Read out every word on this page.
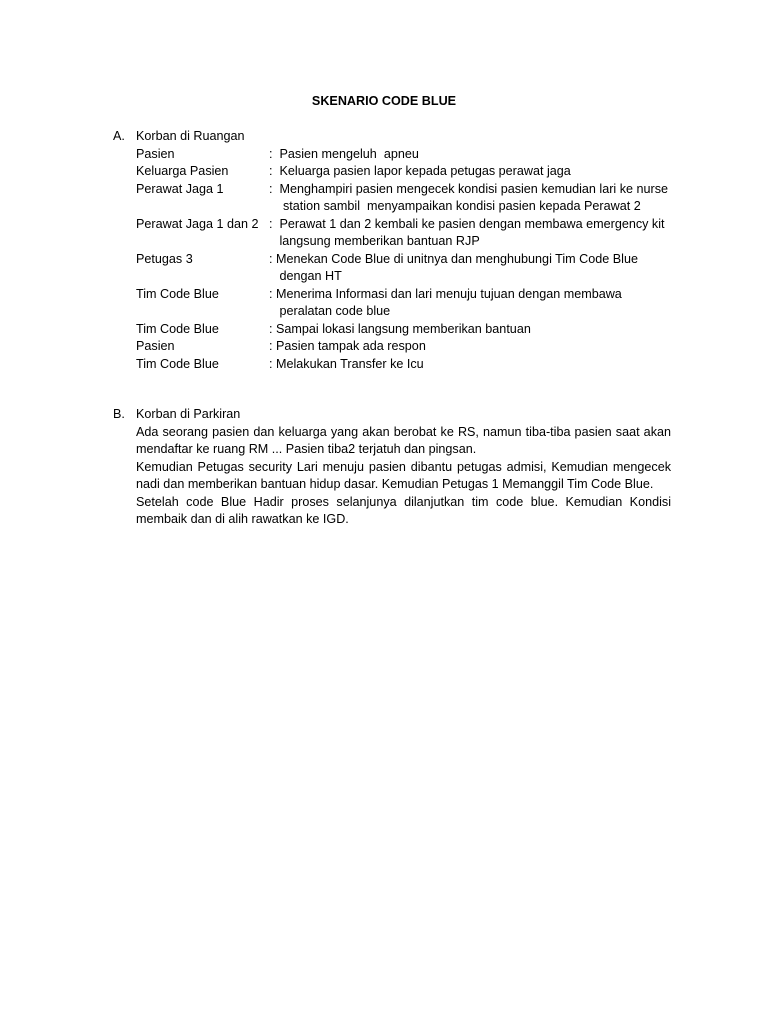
SKENARIO CODE BLUE
A. Korban di Ruangan
Pasien	:  Pasien mengeluh  apneu
Keluarga Pasien	:  Keluarga pasien lapor kepada petugas perawat jaga
Perawat Jaga 1	:  Menghampiri pasien mengecek kondisi pasien kemudian lari ke nurse
station sambil  menyampaikan kondisi pasien kepada Perawat 2
Perawat Jaga 1 dan 2 :  Perawat 1 dan 2 kembali ke pasien dengan membawa emergency kit
langsung memberikan bantuan RJP
Petugas 3	: Menekan Code Blue di unitnya dan menghubungi Tim Code Blue
dengan HT
Tim Code Blue	: Menerima Informasi dan lari menuju tujuan dengan membawa
peralatan code blue
Tim Code Blue	: Sampai lokasi langsung memberikan bantuan
Pasien	: Pasien tampak ada respon
Tim Code Blue	: Melakukan Transfer ke Icu
B. Korban di Parkiran
Ada seorang pasien dan keluarga yang akan berobat ke RS, namun tiba-tiba pasien saat akan mendaftar ke ruang RM ... Pasien tiba2 terjatuh dan pingsan.
Kemudian Petugas security Lari menuju pasien dibantu petugas admisi, Kemudian mengecek nadi dan memberikan bantuan hidup dasar. Kemudian Petugas 1 Memanggil Tim Code Blue.
Setelah code Blue Hadir proses selanjunya dilanjutkan tim code blue. Kemudian Kondisi membaik dan di alih rawatkan ke IGD.
